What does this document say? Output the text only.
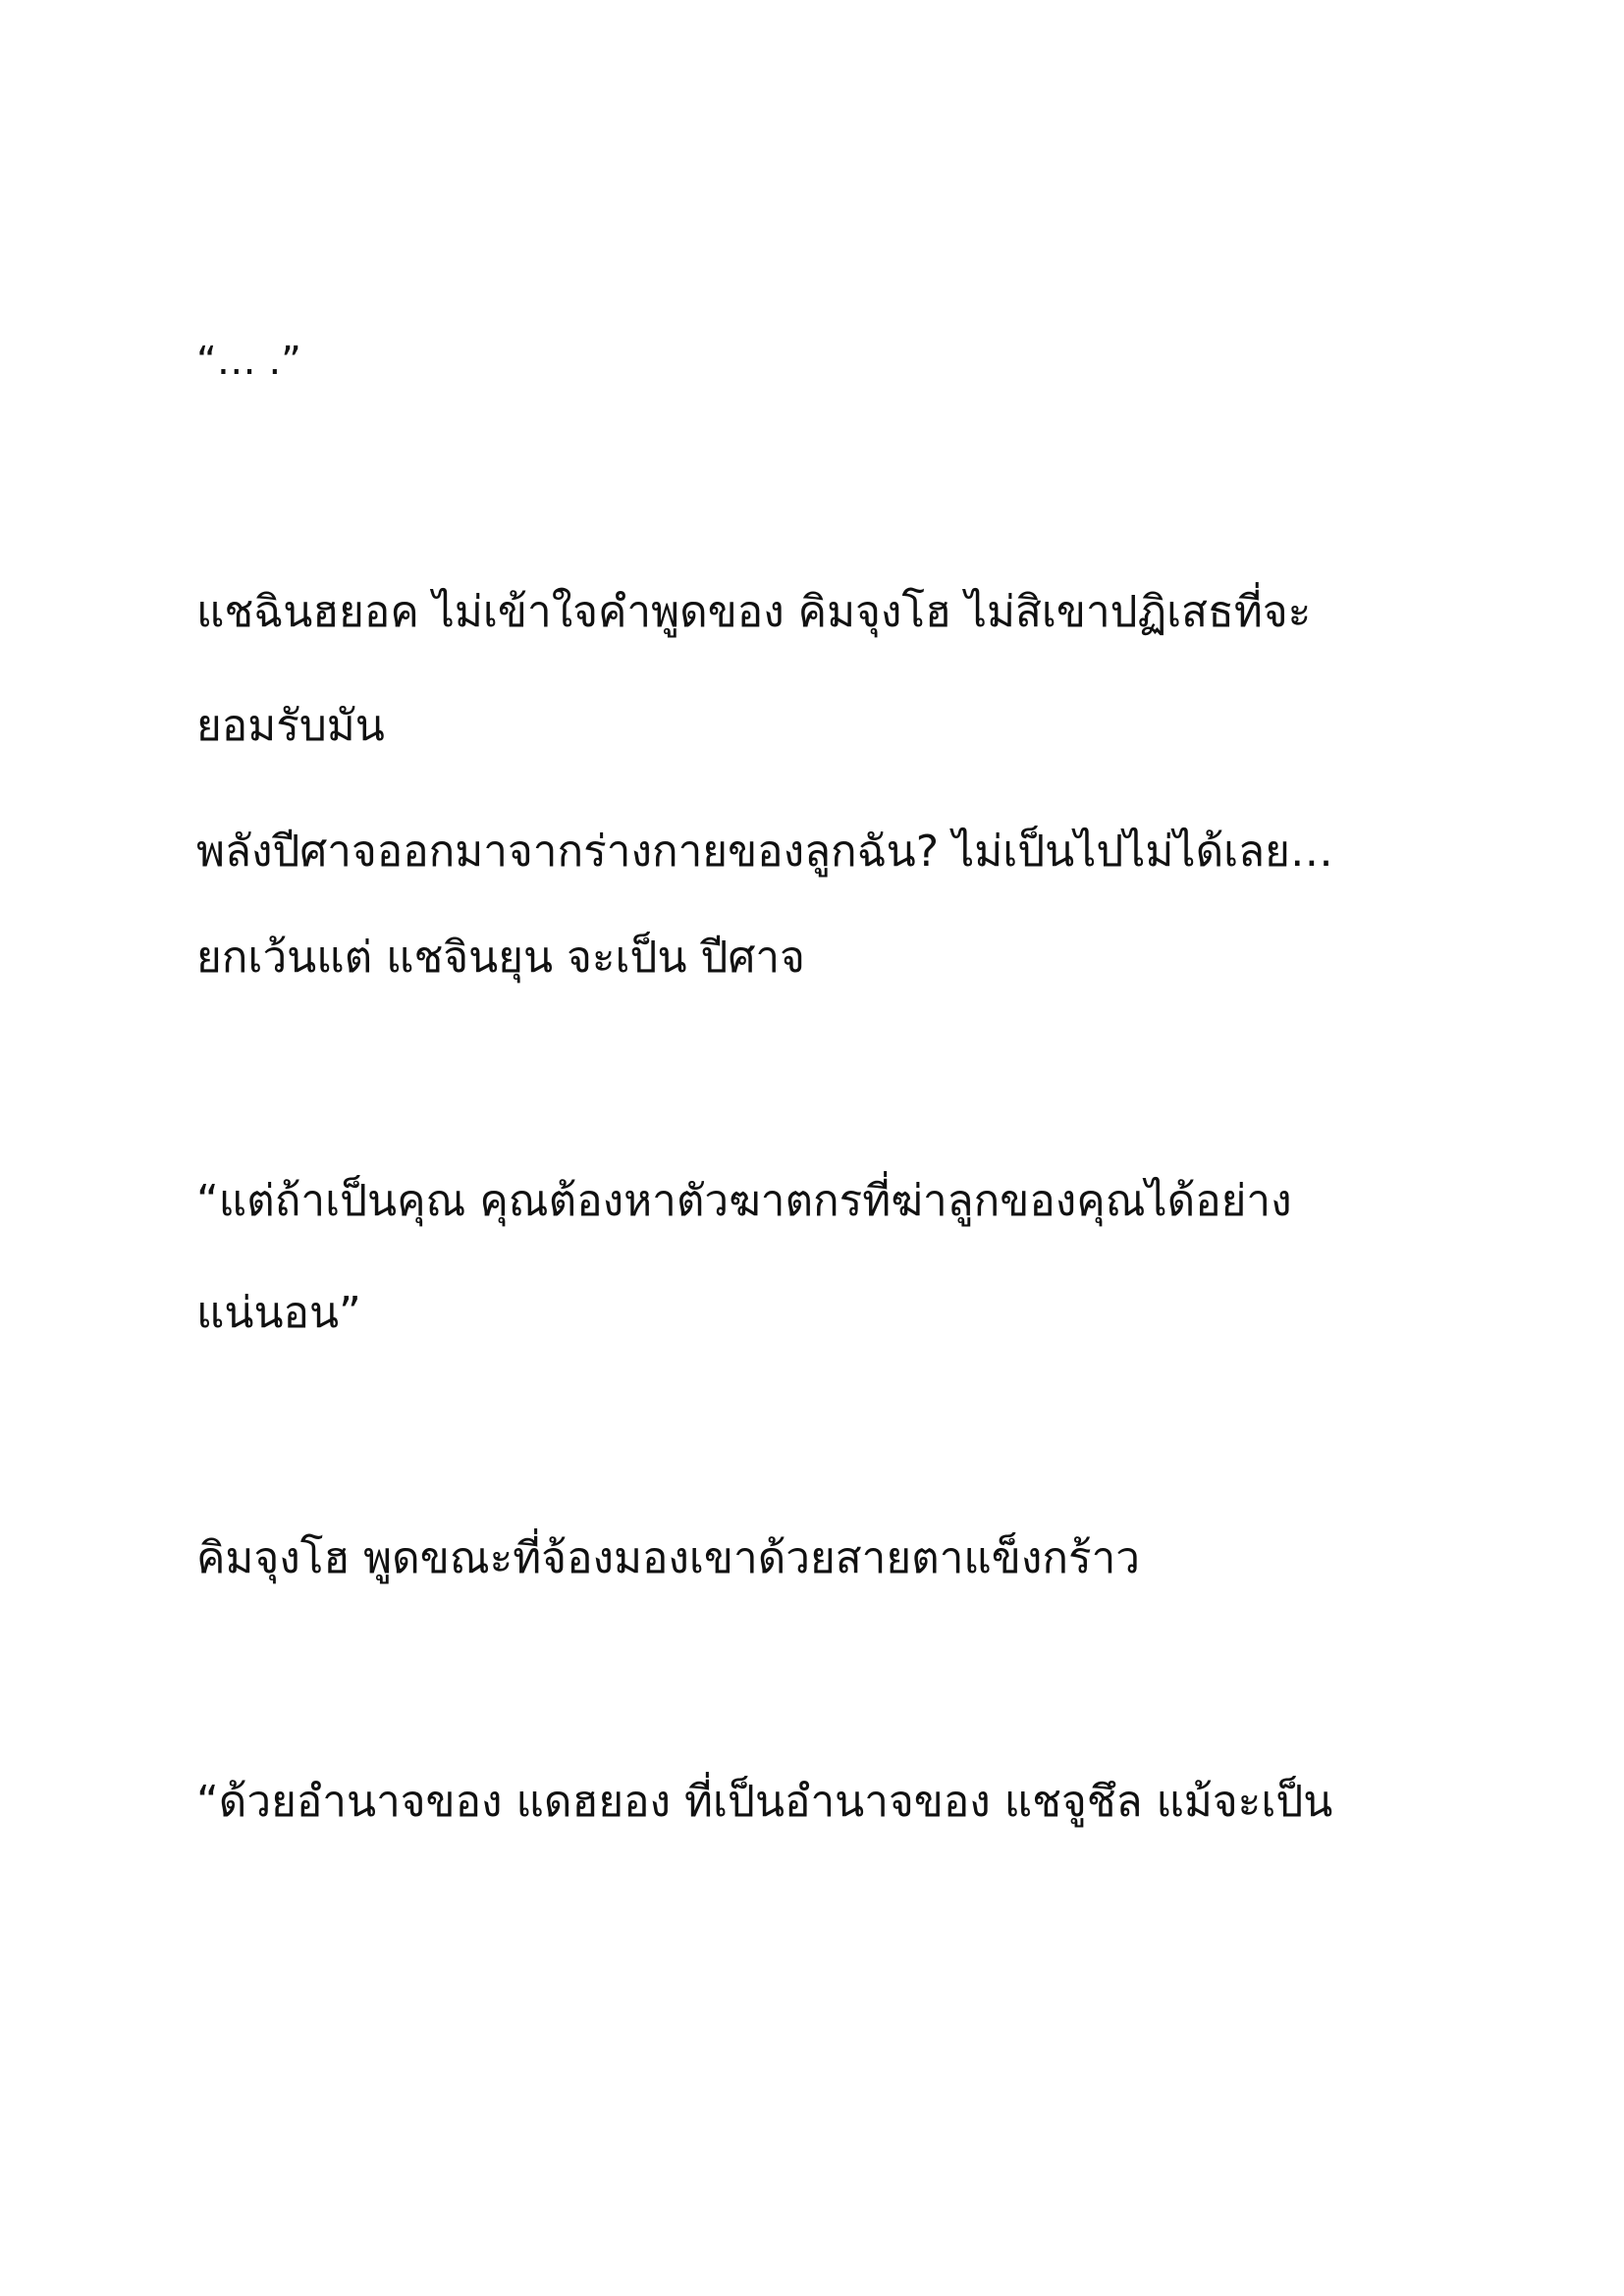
“… .”

แชฉินฮยอค ไม่เข้าใจคำพูดของ คิมจุงโฮ ไม่สิเขาปฏิเสธที่จะ

ยอมรับมัน

พลังปีศาจออกมาจากร่างกายของลูกฉัน? ไม่เป็นไปไม่ได้เลย…

ยกเว้นแต่ แชจินยุน จะเป็น ปีศาจ

“แต่ถ้าเป็นคุณ คุณต้องหาตัวฆาตกรที่ฆ่าลูกของคุณได้อย่าง

แน่นอน”

คิมจุงโฮ พูดขณะที่จ้องมองเขาด้วยสายตาแข็งกร้าว

“ด้วยอำนาจของ แดฮยอง ที่เป็นอำนาจของ แชจูชึล แม้จะเป็น
